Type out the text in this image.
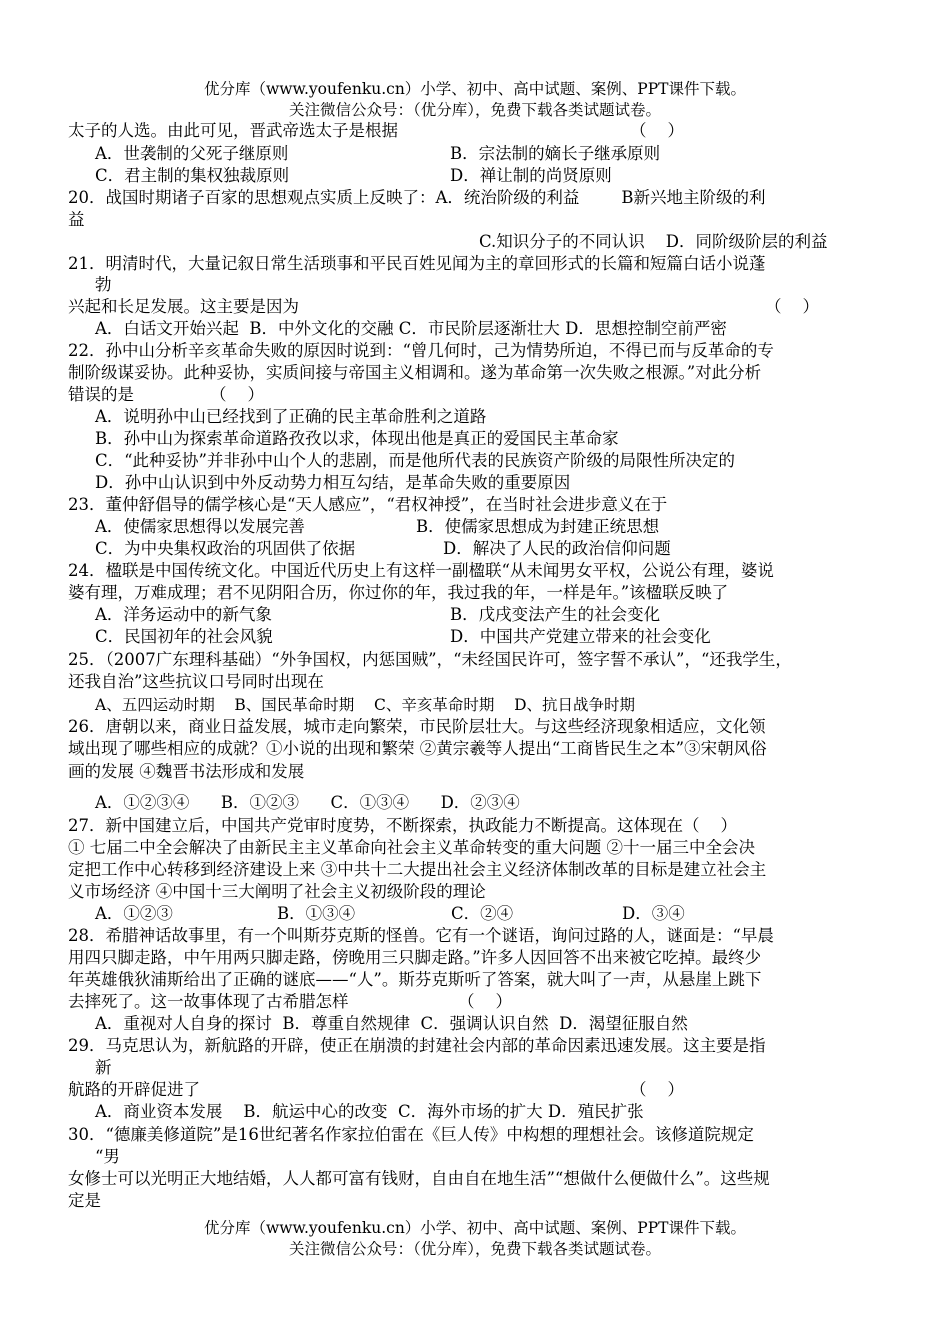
优分库（www.youfenku.cn）小学、初中、高中试题、案例、PPT课件下载。
关注微信公众号：（优分库），免费下载各类试题试卷。
太子的人选。由此可见，晋武帝选太子是根据	（    ）
A．世袭制的父死子继原则	B．宗法制的嫡长子继承原则
C．君主制的集权独裁原则	D．禅让制的尚贤原则
20．战国时期诸子百家的思想观点实质上反映了：A．统治阶级的利益        B新兴地主阶级的利
益
C.知识分子的不同认识    D．同阶级阶层的利益
21．明清时代，大量记叙日常生活琐事和平民百姓见闻为主的章回形式的长篇和短篇白话小说蓬
勃
兴起和长足发展。这主要是因为	（    ）
A．白话文开始兴起  B．中外文化的交融 C．市民阶层逐渐壮大 D．思想控制空前严密
22．孙中山分析辛亥革命失败的原因时说到：“曾几何时，己为情势所迫，不得已而与反革命的专
制阶级谋妥协。此种妥协，实质间接与帝国主义相调和。遂为革命第一次失败之根源。”对此分析
错误的是	（    ）
A．说明孙中山已经找到了正确的民主革命胜利之道路
B．孙中山为探索革命道路孜孜以求，体现出他是真正的爱国民主革命家
C．“此种妥协”并非孙中山个人的悲剧，而是他所代表的民族资产阶级的局限性所决定的
D．孙中山认识到中外反动势力相互勾结，是革命失败的重要原因
23．董仲舒倡导的儒学核心是“天人感应”，“君权神授”，在当时社会进步意义在于
A．使儒家思想得以发展完善	B．使儒家思想成为封建正统思想
C．为中央集权政治的巩固供了依据	D．解决了人民的政治信仰问题
24．楹联是中国传统文化。中国近代历史上有这样一副楹联“从未闻男女平权，公说公有理，婆说
婆有理，万难成理；君不见阴阳合历，你过你的年，我过我的年，一样是年。”该楹联反映了
A．洋务运动中的新气象	B．戊戌变法产生的社会变化
C．民国初年的社会风貌	D．中国共产党建立带来的社会变化
25．（2007广东理科基础）“外争国权，内惩国贼”，“未经国民许可，签字誓不承认”，“还我学生，
还我自治”这些抗议口号同时出现在
A、五四运动时期    B、国民革命时期    C、辛亥革命时期    D、抗日战争时期
26．唐朝以来，商业日益发展，城市走向繁荣，市民阶层壮大。与这些经济现象相适应，文化领
域出现了哪些相应的成就？①小说的出现和繁荣 ②黄宗羲等人提出“工商皆民生之本”③宋朝风俗
画的发展 ④魏晋书法形成和发展
A．①②③④      B．①②③      C．①③④      D．②③④
27．新中国建立后，中国共产党审时度势，不断探索，执政能力不断提高。这体现在（    ）
① 七届二中全会解决了由新民主主义革命向社会主义革命转变的重大问题 ②十一届三中全会决
定把工作中心转移到经济建设上来 ③中共十二大提出社会主义经济体制改革的目标是建立社会主
义市场经济 ④中国十三大阐明了社会主义初级阶段的理论
A．①②③	B．①③④	C．②④	D．③④
28．希腊神话故事里，有一个叫斯芬克斯的怪兽。它有一个谜语，询问过路的人，谜面是：“早晨
用四只脚走路，中午用两只脚走路，傍晚用三只脚走路。”许多人因回答不出来被它吃掉。最终少
年英雄俄狄浦斯给出了正确的谜底——“人”。斯芬克斯听了答案，就大叫了一声，从悬崖上跳下
去摔死了。这一故事体现了古希腊怎样	（    ）
A．重视对人自身的探讨  B．尊重自然规律  C．强调认识自然  D．渴望征服自然
29．马克思认为，新航路的开辟，使正在崩溃的封建社会内部的革命因素迅速发展。这主要是指
新
航路的开辟促进了	（    ）
A．商业资本发展    B．航运中心的改变  C．海外市场的扩大 D．殖民扩张
30．“德廉美修道院”是16世纪著名作家拉伯雷在《巨人传》中构想的理想社会。该修道院规定
“男
女修士可以光明正大地结婚，人人都可富有钱财，自由自在地生活”“想做什么便做什么”。这些规
定是
优分库（www.youfenku.cn）小学、初中、高中试题、案例、PPT课件下载。
关注微信公众号：（优分库），免费下载各类试题试卷。
